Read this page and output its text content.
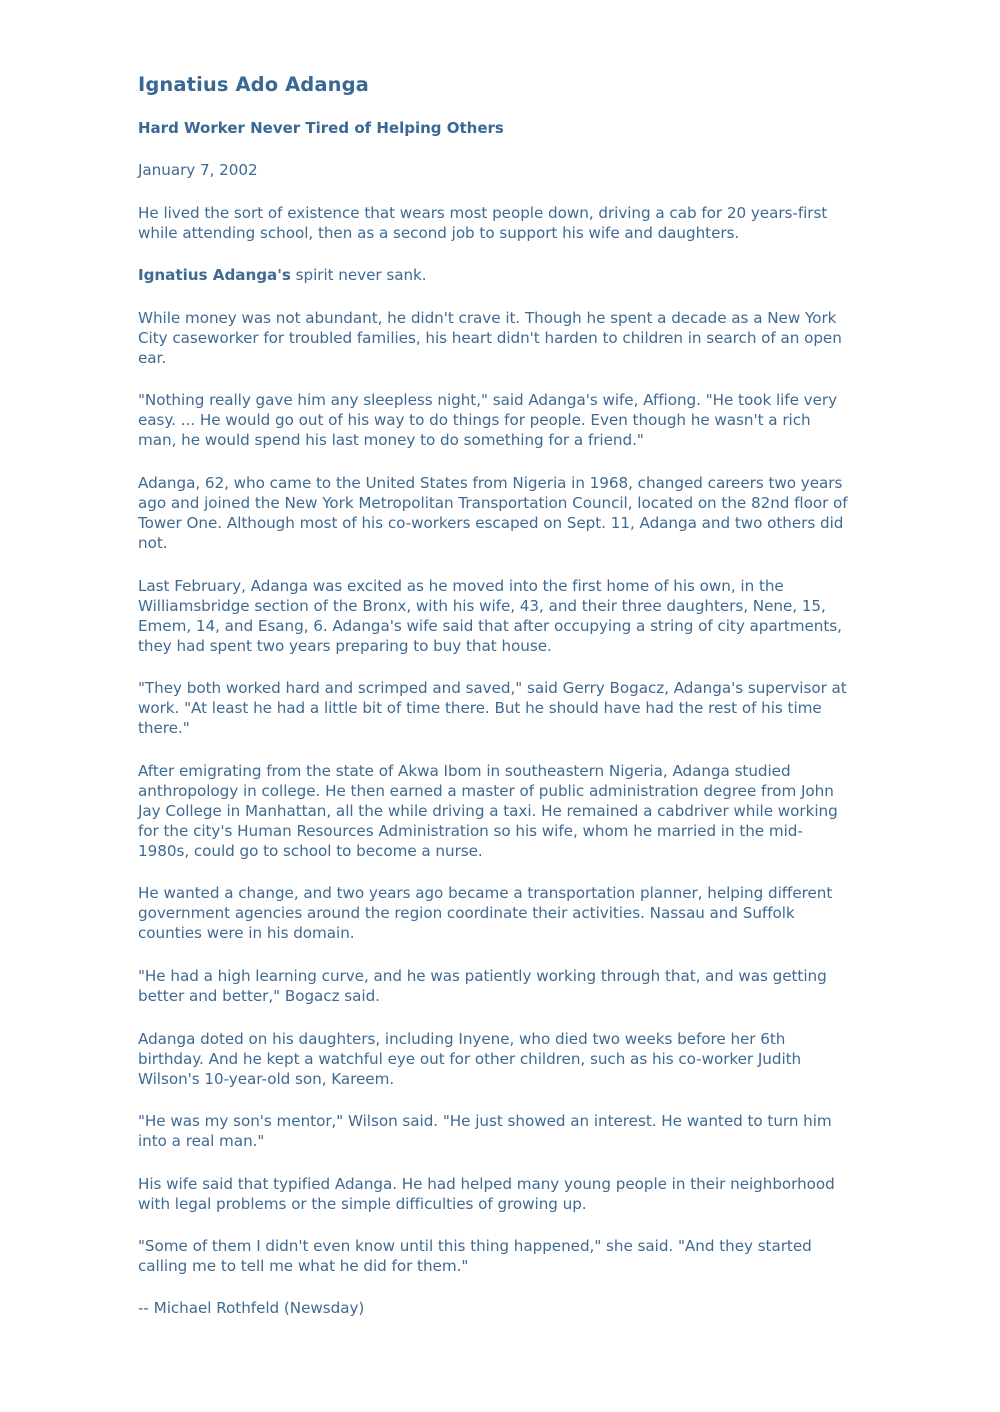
Ignatius Ado Adanga
Hard Worker Never Tired of Helping Others

January 7, 2002

He lived the sort of existence that wears most people down, driving a cab for 20 years-first while attending school, then as a second job to support his wife and daughters.

Ignatius Adanga's spirit never sank.

While money was not abundant, he didn't crave it. Though he spent a decade as a New York City caseworker for troubled families, his heart didn't harden to children in search of an open ear.

"Nothing really gave him any sleepless night," said Adanga's wife, Affiong. "He took life very easy. ... He would go out of his way to do things for people. Even though he wasn't a rich man, he would spend his last money to do something for a friend."

Adanga, 62, who came to the United States from Nigeria in 1968, changed careers two years ago and joined the New York Metropolitan Transportation Council, located on the 82nd floor of Tower One. Although most of his co-workers escaped on Sept. 11, Adanga and two others did not.

Last February, Adanga was excited as he moved into the first home of his own, in the Williamsbridge section of the Bronx, with his wife, 43, and their three daughters, Nene, 15, Emem, 14, and Esang, 6. Adanga's wife said that after occupying a string of city apartments, they had spent two years preparing to buy that house.

"They both worked hard and scrimped and saved," said Gerry Bogacz, Adanga's supervisor at work. "At least he had a little bit of time there. But he should have had the rest of his time there."

After emigrating from the state of Akwa Ibom in southeastern Nigeria, Adanga studied anthropology in college. He then earned a master of public administration degree from John Jay College in Manhattan, all the while driving a taxi. He remained a cabdriver while working for the city's Human Resources Administration so his wife, whom he married in the mid-1980s, could go to school to become a nurse.

He wanted a change, and two years ago became a transportation planner, helping different government agencies around the region coordinate their activities. Nassau and Suffolk counties were in his domain.

"He had a high learning curve, and he was patiently working through that, and was getting better and better," Bogacz said.

Adanga doted on his daughters, including Inyene, who died two weeks before her 6th birthday. And he kept a watchful eye out for other children, such as his co-worker Judith Wilson's 10-year-old son, Kareem.

"He was my son's mentor," Wilson said. "He just showed an interest. He wanted to turn him into a real man."

His wife said that typified Adanga. He had helped many young people in their neighborhood with legal problems or the simple difficulties of growing up.

"Some of them I didn't even know until this thing happened," she said. "And they started calling me to tell me what he did for them."

-- Michael Rothfeld (Newsday)
